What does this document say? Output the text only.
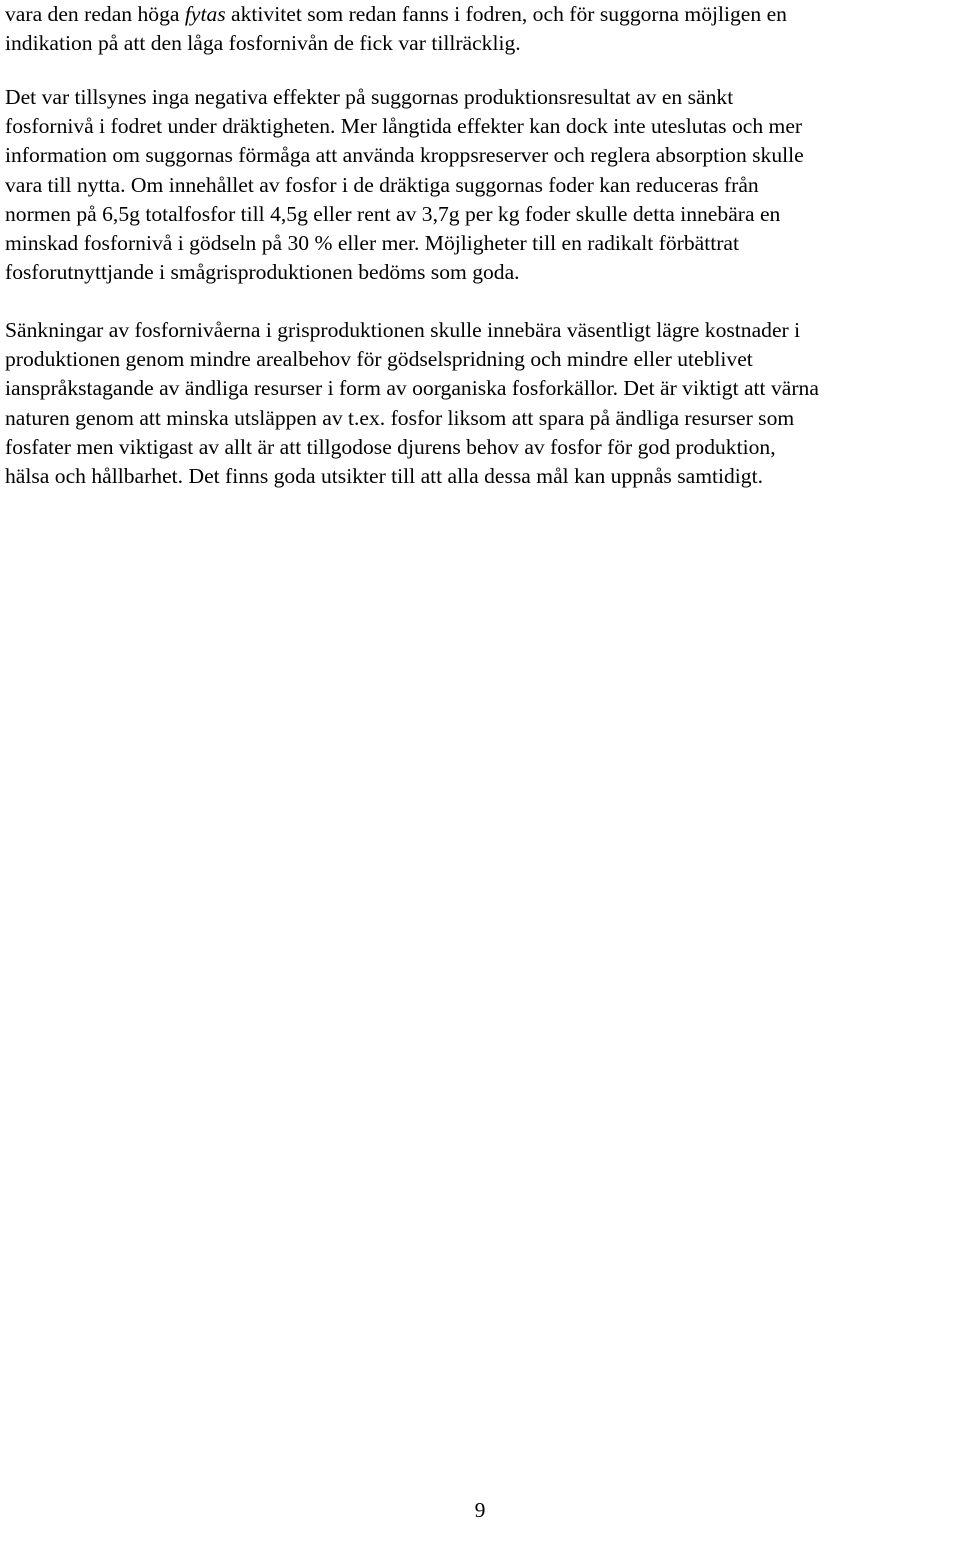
vara den redan höga fytas aktivitet som redan fanns i fodren, och för suggorna möjligen en
indikation på att den låga fosfornivån de fick var tillräcklig.

Det var tillsynes inga negativa effekter på suggornas produktionsresultat av en sänkt
fosfornivå i fodret under dräktigheten. Mer långtida effekter kan dock inte uteslutas och mer
information om suggornas förmåga att använda kroppsreserver och reglera absorption skulle
vara till nytta. Om innehållet av fosfor i de dräktiga suggornas foder kan reduceras från
normen på 6,5g totalfosfor till 4,5g eller rent av 3,7g per kg foder skulle detta innebära en
minskad fosfornivå i gödseln på 30 % eller mer. Möjligheter till en radikalt förbättrat
fosforutnyttjande i smågrisproduktionen bedöms som goda.

Sänkningar av fosfornivåerna i grisproduktionen skulle innebära väsentligt lägre kostnader i
produktionen genom mindre arealbehov för gödselspridning och mindre eller uteblivet
ianspråkstagande av ändliga resurser i form av oorganiska fosforkällor. Det är viktigt att värna
naturen genom att minska utsläppen av t.ex. fosfor liksom att spara på ändliga resurser som
fosfater men viktigast av allt är att tillgodose djurens behov av fosfor för god produktion,
hälsa och hållbarhet. Det finns goda utsikter till att alla dessa mål kan uppnås samtidigt.

9
